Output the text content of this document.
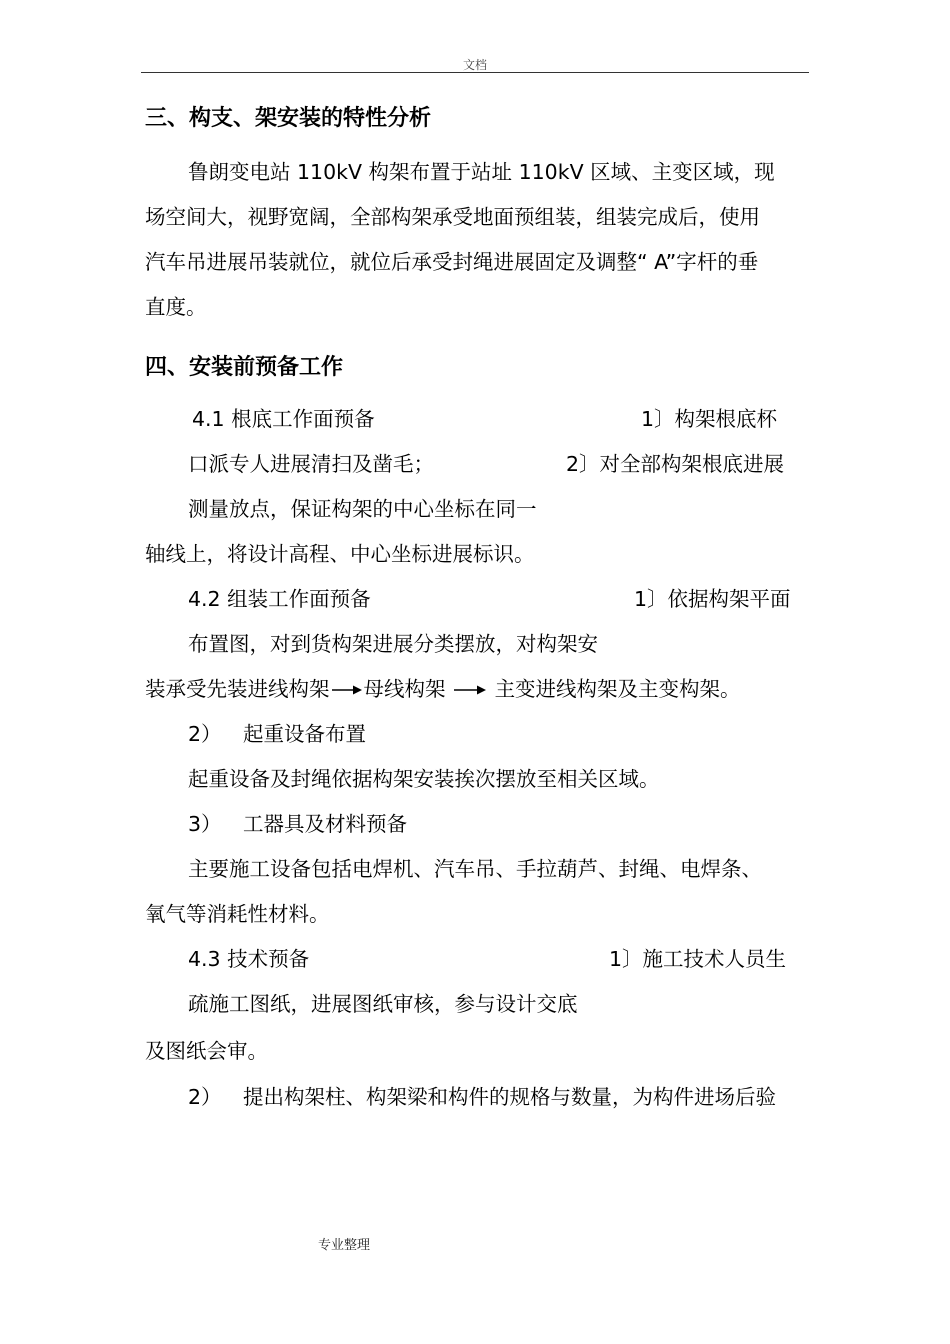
文档
三、构支、架安装的特性分析
鲁朗变电站 110kV 构架布置于站址 110kV 区域、主变区域，现
场空间大，视野宽阔，全部构架承受地面预组装，组装完成后，使用
汽车吊进展吊装就位，就位后承受封绳进展固定及调整“ A”字杆的垂
直度。
四、安装前预备工作
4.1 根底工作面预备	1〕构架根底杯
口派专人进展清扫及凿毛；	2〕对全部构架根底进展
测量放点，保证构架的中心坐标在同一
轴线上，将设计高程、中心坐标进展标识。
4.2 组装工作面预备	1〕依据构架平面
布置图，对到货构架进展分类摆放，对构架安
装承受先装进线构架 母线构架 主变进线构架及主变构架。
2） 起重设备布置
起重设备及封绳依据构架安装挨次摆放至相关区域。
3） 工器具及材料预备
主要施工设备包括电焊机、汽车吊、手拉葫芦、封绳、电焊条、
氧气等消耗性材料。
4.3 技术预备	1〕施工技术人员生
疏施工图纸，进展图纸审核，参与设计交底
及图纸会审。
2） 提出构架柱、构架梁和构件的规格与数量，为构件进场后验
专业整理
